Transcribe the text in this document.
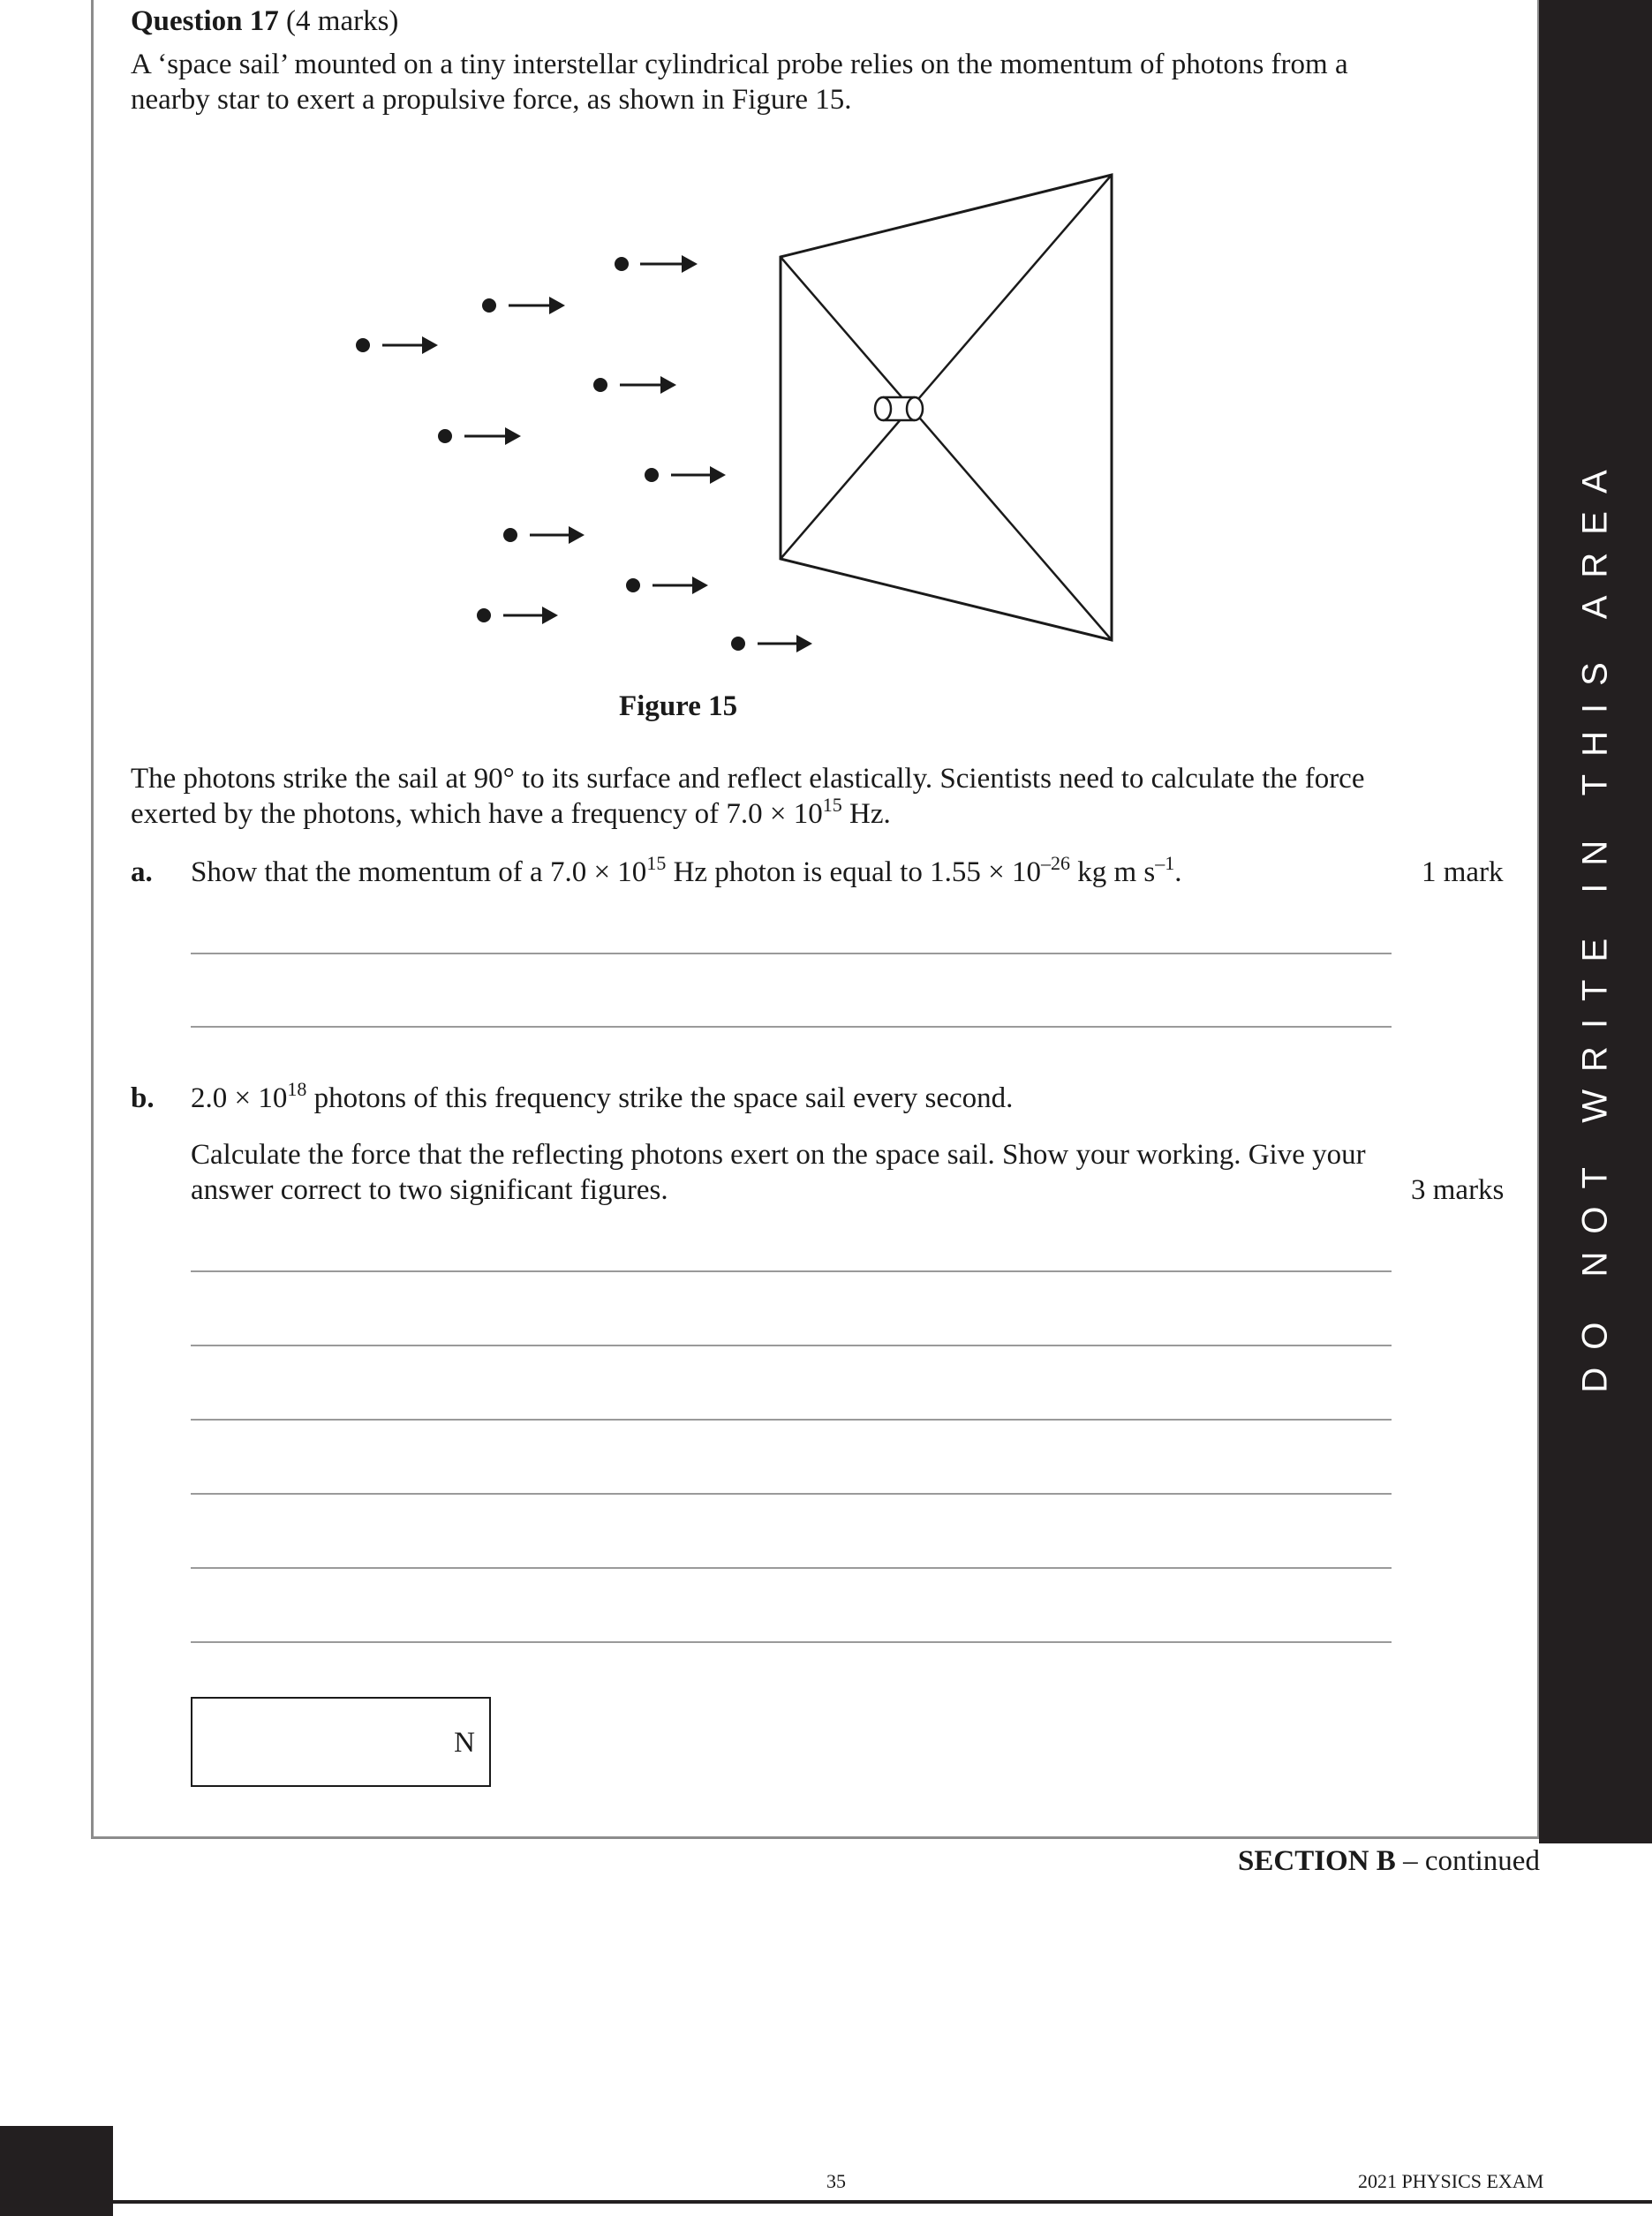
DO NOT WRITE IN THIS AREA
Question 17 (4 marks)
A ‘space sail’ mounted on a tiny interstellar cylindrical probe relies on the momentum of photons from a
nearby star to exert a propulsive force, as shown in Figure 15.
Figure 15
The photons strike the sail at 90° to its surface and reflect elastically. Scientists need to calculate the force
exerted by the photons, which have a frequency of $7.0 \times 10^{15}$ Hz.
a. Show that the momentum of a $7.0 \times 10^{15}$ Hz photon is equal to $1.55 \times 10^{-26}$ kg m $s^{-1}$.	1 mark
b. $2.0 \times 10^{18}$ photons of this frequency strike the space sail every second.
Calculate the force that the reflecting photons exert on the space sail. Show your working. Give your
answer correct to two significant figures.	3 marks
N
SECTION B – continued
35	2021 PHYSICS EXAM
